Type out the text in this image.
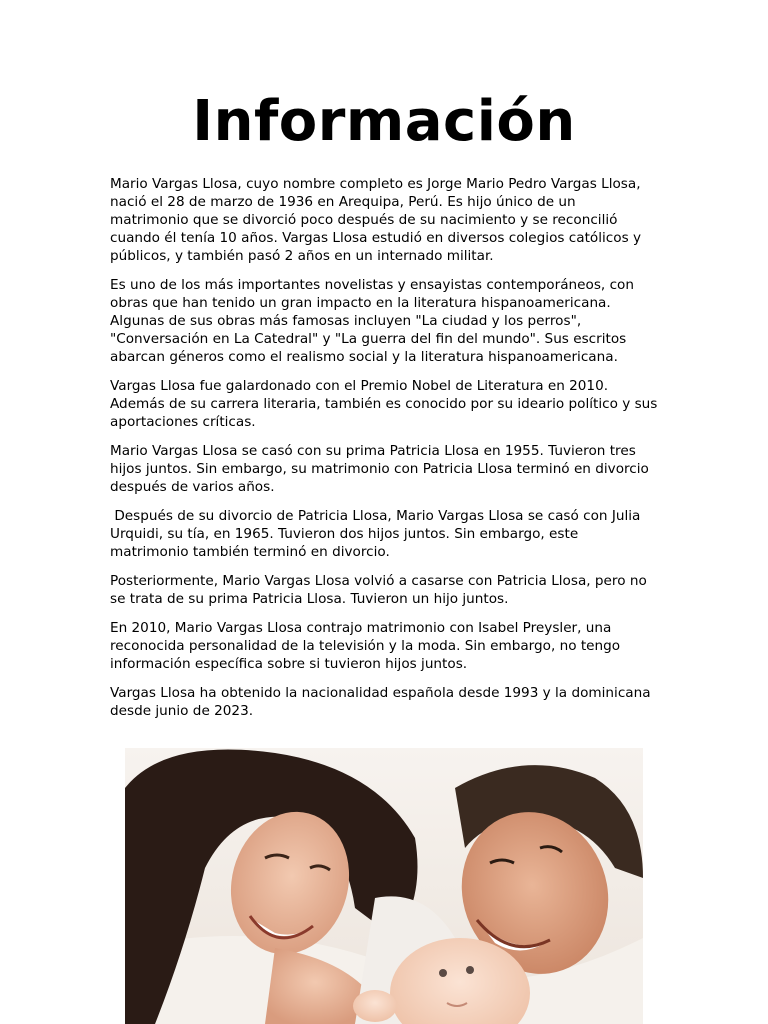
Información

Mario Vargas Llosa, cuyo nombre completo es Jorge Mario Pedro Vargas Llosa, nació el 28 de marzo de 1936 en Arequipa, Perú. Es hijo único de un matrimonio que se divorció poco después de su nacimiento y se reconcilió cuando él tenía 10 años. Vargas Llosa estudió en diversos colegios católicos y públicos, y también pasó 2 años en un internado militar.

Es uno de los más importantes novelistas y ensayistas contemporáneos, con obras que han tenido un gran impacto en la literatura hispanoamericana. Algunas de sus obras más famosas incluyen "La ciudad y los perros", "Conversación en La Catedral" y "La guerra del fin del mundo". Sus escritos abarcan géneros como el realismo social y la literatura hispanoamericana.

Vargas Llosa fue galardonado con el Premio Nobel de Literatura en 2010. Además de su carrera literaria, también es conocido por su ideario político y sus aportaciones críticas.

Mario Vargas Llosa se casó con su prima Patricia Llosa en 1955. Tuvieron tres hijos juntos. Sin embargo, su matrimonio con Patricia Llosa terminó en divorcio después de varios años.

Después de su divorcio de Patricia Llosa, Mario Vargas Llosa se casó con Julia Urquidi, su tía, en 1965. Tuvieron dos hijos juntos. Sin embargo, este matrimonio también terminó en divorcio.

Posteriormente, Mario Vargas Llosa volvió a casarse con Patricia Llosa, pero no se trata de su prima Patricia Llosa. Tuvieron un hijo juntos.

En 2010, Mario Vargas Llosa contrajo matrimonio con Isabel Preysler, una reconocida personalidad de la televisión y la moda. Sin embargo, no tengo información específica sobre si tuvieron hijos juntos.

Vargas Llosa ha obtenido la nacionalidad española desde 1993 y la dominicana desde junio de 2023.
